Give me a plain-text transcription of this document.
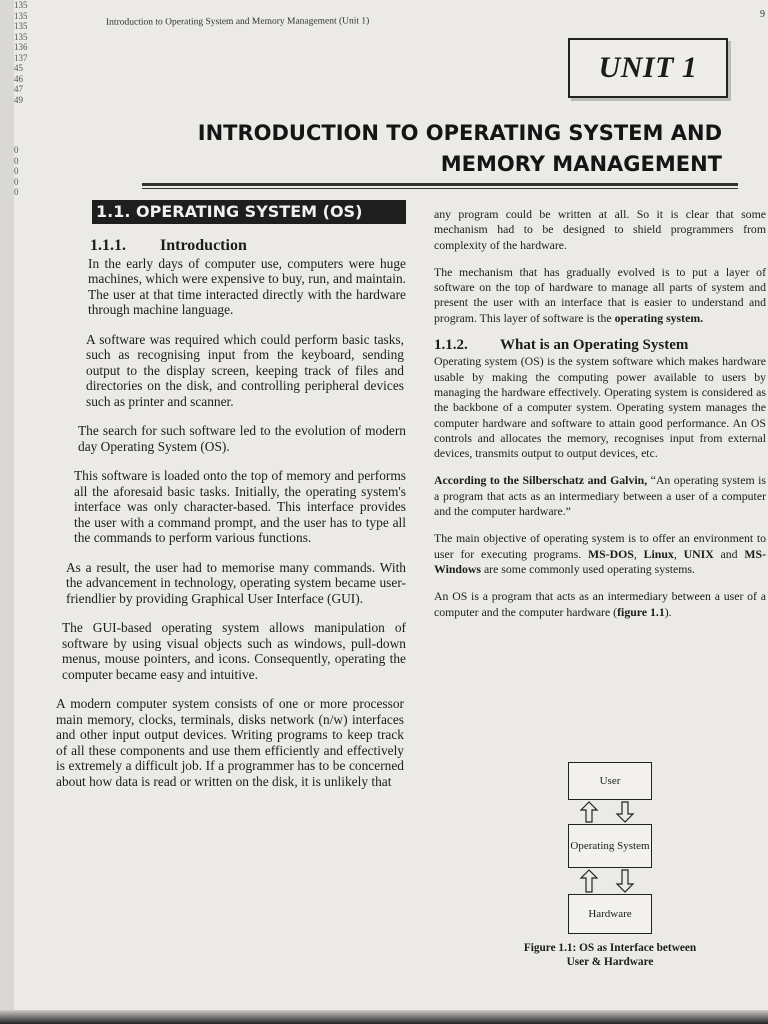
135
135
135
135
136
137
45
46
47
49
0
0
0
0
0
Introduction to Operating System and Memory Management (Unit 1)
9
UNIT 1
INTRODUCTION TO OPERATING SYSTEM AND
MEMORY MANAGEMENT
1.1. OPERATING SYSTEM (OS)
1.1.1. Introduction

In the early days of computer use, computers were huge machines, which were expensive to buy, run, and maintain. The user at that time interacted directly with the hardware through machine language.

A software was required which could perform basic tasks, such as recognising input from the keyboard, sending output to the display screen, keeping track of files and directories on the disk, and controlling peripheral devices such as printer and scanner.

The search for such software led to the evolution of modern day Operating System (OS).

This software is loaded onto the top of memory and performs all the aforesaid basic tasks. Initially, the operating system's interface was only character-based. This interface provides the user with a command prompt, and the user has to type all the commands to perform various functions.

As a result, the user had to memorise many commands. With the advancement in technology, operating system became user-friendlier by providing Graphical User Interface (GUI).

The GUI-based operating system allows manipulation of software by using visual objects such as windows, pull-down menus, mouse pointers, and icons. Consequently, operating the computer became easy and intuitive.

A modern computer system consists of one or more processor main memory, clocks, terminals, disks network (n/w) interfaces and other input output devices. Writing programs to keep track of all these components and use them efficiently and effectively is extremely a difficult job. If a programmer has to be concerned about how data is read or written on the disk, it is unlikely that

any program could be written at all. So it is clear that some mechanism had to be designed to shield programmers from complexity of the hardware.

The mechanism that has gradually evolved is to put a layer of software on the top of hardware to manage all parts of system and present the user with an interface that is easier to understand and program. This layer of software is the operating system.

1.1.2. What is an Operating System

Operating system (OS) is the system software which makes hardware usable by making the computing power available to users by managing the hardware effectively. Operating system is considered as the backbone of a computer system. Operating system manages the computer hardware and software to attain good performance. An OS controls and allocates the memory, recognises input from external devices, transmits output to output devices, etc.

According to the Silberschatz and Galvin, “An operating system is a program that acts as an intermediary between a user of a computer and the computer hardware.”

The main objective of operating system is to offer an environment to user for executing programs. MS-DOS, Linux, UNIX and MS-Windows are some commonly used operating systems.

An OS is a program that acts as an intermediary between a user of a computer and the computer hardware (figure 1.1).

User
Operating System
Hardware
Figure 1.1: OS as Interface between
User & Hardware
